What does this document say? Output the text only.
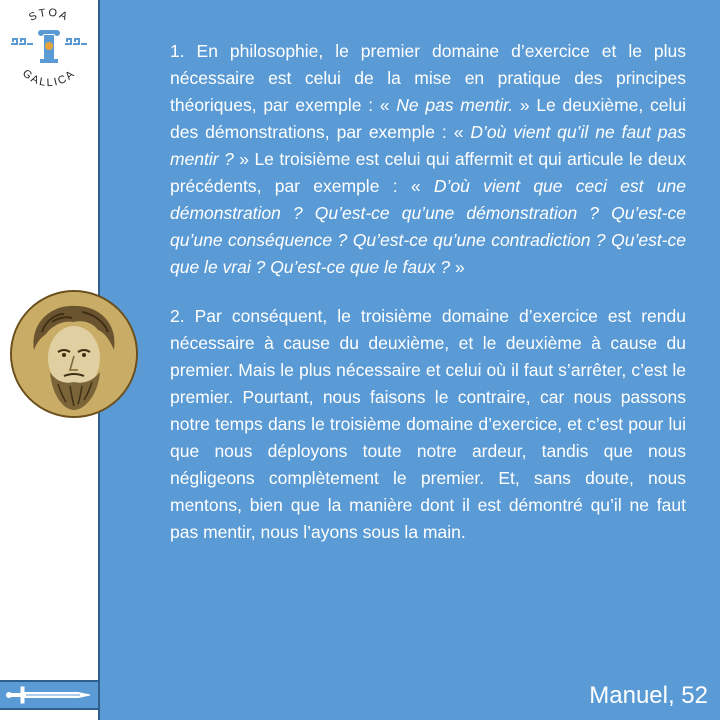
STOA
GALLICA

1. En philosophie, le premier domaine d’exercice et le plus nécessaire est celui de la mise en pratique des principes théoriques, par exemple : « Ne pas mentir. » Le deuxième, celui des démonstrations, par exemple : « D’où vient qu’il ne faut pas mentir ? » Le troisième est celui qui affermit et qui articule le deux précédents, par exemple : « D’où vient que ceci est une démonstration ? Qu’est-ce qu’une démonstration ? Qu’est-ce qu’une conséquence ? Qu’est-ce qu’une contradiction ? Qu’est-ce que le vrai ? Qu’est-ce que le faux ? »

2. Par conséquent, le troisième domaine d’exercice est rendu nécessaire à cause du deuxième, et le deuxième à cause du premier. Mais le plus nécessaire et celui où il faut s’arrêter, c’est le premier. Pourtant, nous faisons le contraire, car nous passons notre temps dans le troisième domaine d’exercice, et c’est pour lui que nous déployons toute notre ardeur, tandis que nous négligeons complètement le premier. Et, sans doute, nous mentons, bien que la manière dont il est démontré qu’il ne faut pas mentir, nous l’ayons sous la main.

Manuel, 52
